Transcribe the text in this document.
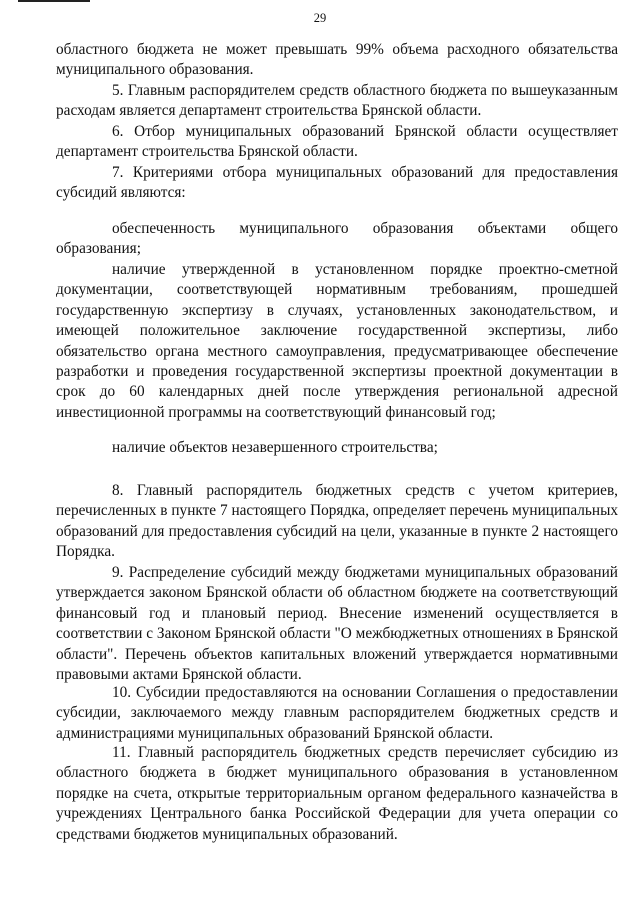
29

областного бюджета не может превышать 99% объема расходного обязательства муниципального образования.

5. Главным распорядителем средств областного бюджета по вышеуказанным расходам является департамент строительства Брянской области.

6. Отбор муниципальных образований Брянской области осуществляет департамент строительства Брянской области.

7. Критериями отбора муниципальных образований для предоставления субсидий являются:

обеспеченность муниципального образования объектами общего образования;

наличие утвержденной в установленном порядке проектно-сметной документации, соответствующей нормативным требованиям, прошедшей государственную экспертизу в случаях, установленных законодательством, и имеющей положительное заключение государственной экспертизы, либо обязательство органа местного самоуправления, предусматривающее обеспечение разработки и проведения государственной экспертизы проектной документации в срок до 60 календарных дней после утверждения региональной адресной инвестиционной программы на соответствующий финансовый год;

наличие объектов незавершенного строительства;

8. Главный распорядитель бюджетных средств с учетом критериев, перечисленных в пункте 7 настоящего Порядка, определяет перечень муниципальных образований для предоставления субсидий на цели, указанные в пункте 2 настоящего Порядка.

9. Распределение субсидий между бюджетами муниципальных образований утверждается законом Брянской области об областном бюджете на соответствующий финансовый год и плановый период. Внесение изменений осуществляется в соответствии с Законом Брянской области "О межбюджетных отношениях в Брянской области". Перечень объектов капитальных вложений утверждается нормативными правовыми актами Брянской области.

10. Субсидии предоставляются на основании Соглашения о предоставлении субсидии, заключаемого между главным распорядителем бюджетных средств и администрациями муниципальных образований Брянской области.

11. Главный распорядитель бюджетных средств перечисляет субсидию из областного бюджета в бюджет муниципального образования в установленном порядке на счета, открытые территориальным органом федерального казначейства в учреждениях Центрального банка Российской Федерации для учета операции со средствами бюджетов муниципальных образований.
